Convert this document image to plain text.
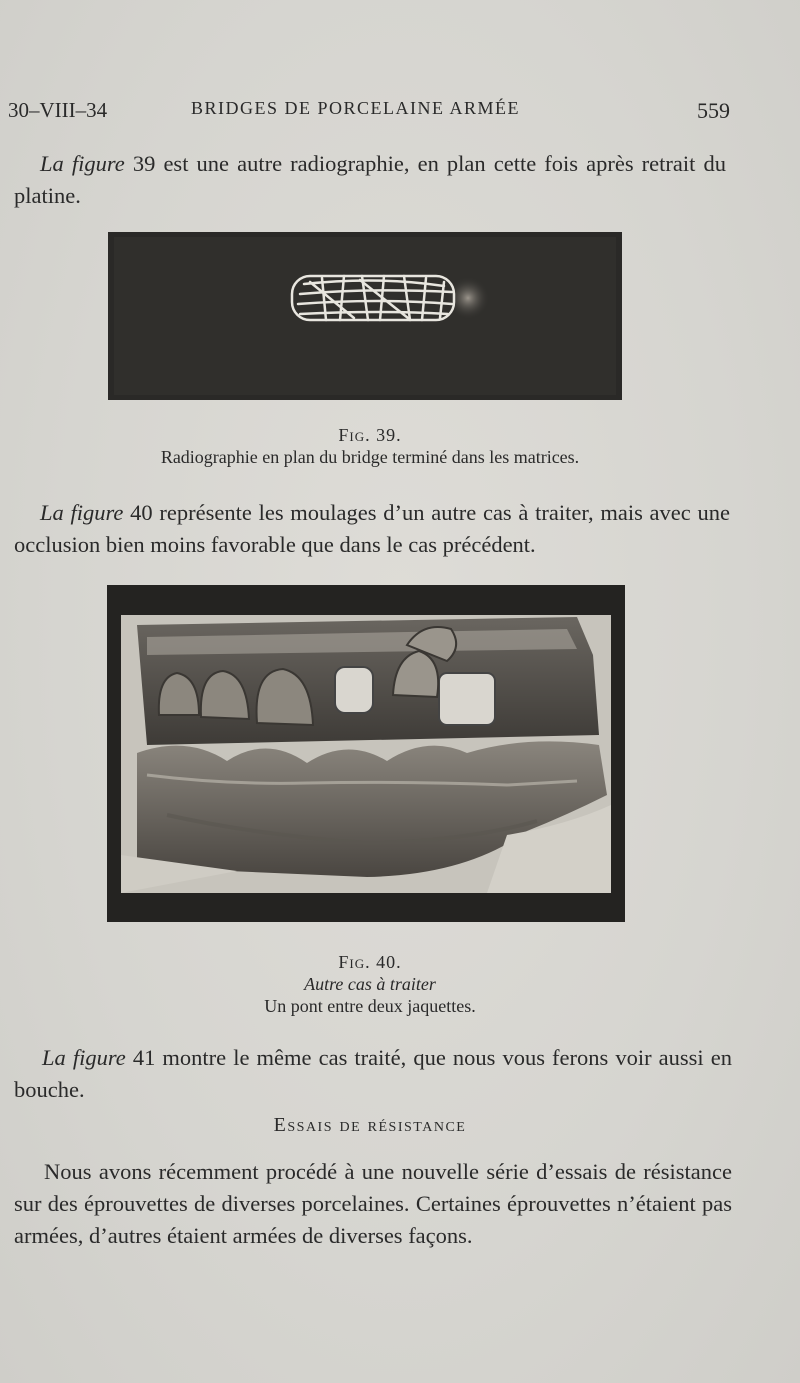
30–VIII–34	BRIDGES DE PORCELAINE ARMÉE	559

La figure 39 est une autre radiographie, en plan cette fois après retrait du platine.

Fig. 39.
Radiographie en plan du bridge terminé dans les matrices.

La figure 40 représente les moulages d’un autre cas à traiter, mais avec une occlusion bien moins favorable que dans le cas précédent.

Fig. 40.
Autre cas à traiter
Un pont entre deux jaquettes.

La figure 41 montre le même cas traité, que nous vous ferons voir aussi en bouche.

Essais de résistance

Nous avons récemment procédé à une nouvelle série d’essais de résistance sur des éprouvettes de diverses porcelaines. Certaines éprouvettes n’étaient pas armées, d’autres étaient armées de diverses façons.
